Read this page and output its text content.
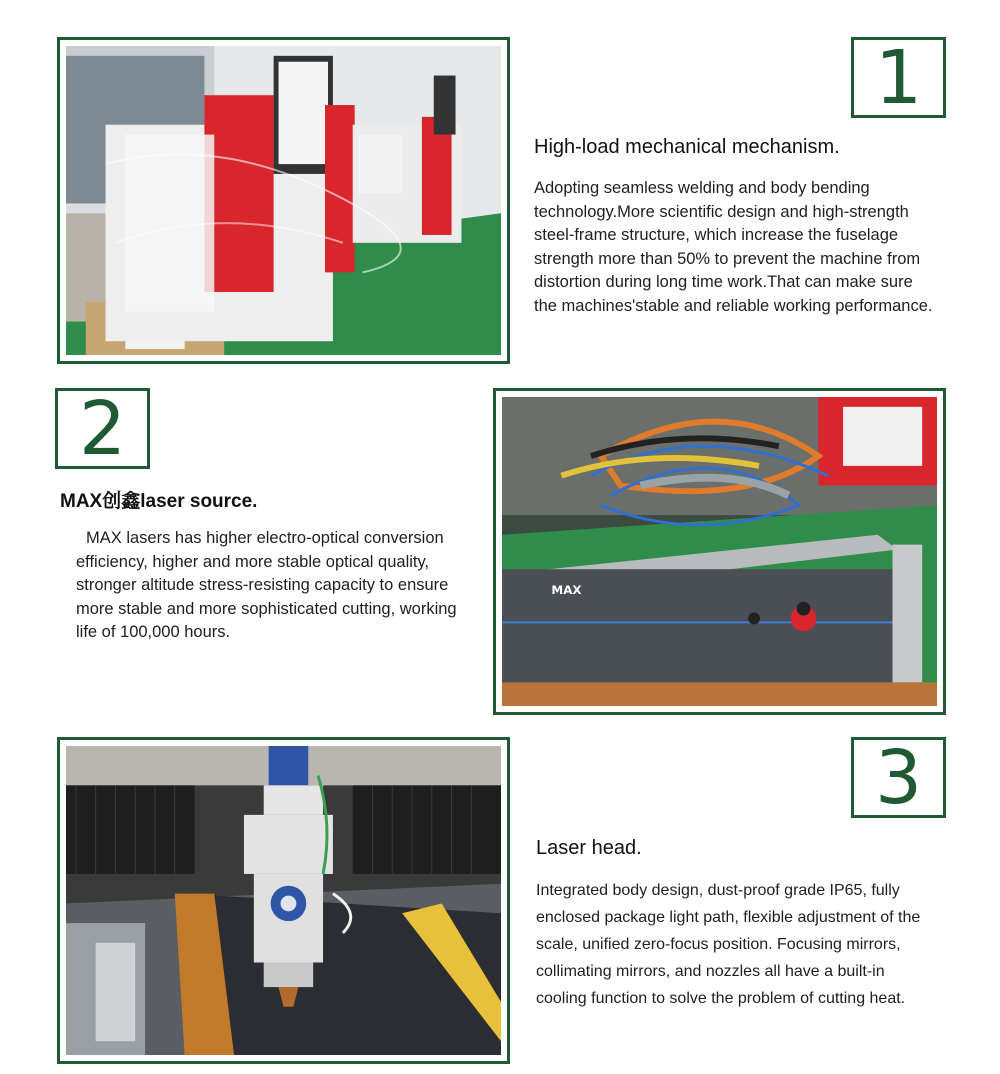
1
High-load mechanical mechanism.

Adopting seamless welding and body bending technology.More scientific design and high-strength steel-frame structure, which increase the fuselage strength more than 50% to prevent the machine from distortion during long time work.That can make sure the machines'stable and reliable working performance.

2
MAX创鑫laser source.

MAX lasers has higher electro-optical conversion efficiency, higher and more stable optical quality, stronger altitude stress-resisting capacity to ensure more stable and more sophisticated cutting, working life of 100,000 hours.

MAX
3
Laser head.

Integrated body design, dust-proof grade IP65, fully enclosed package light path, flexible adjustment of the scale, unified zero-focus position. Focusing mirrors, collimating mirrors, and nozzles all have a built-in cooling function to solve the problem of cutting heat.
